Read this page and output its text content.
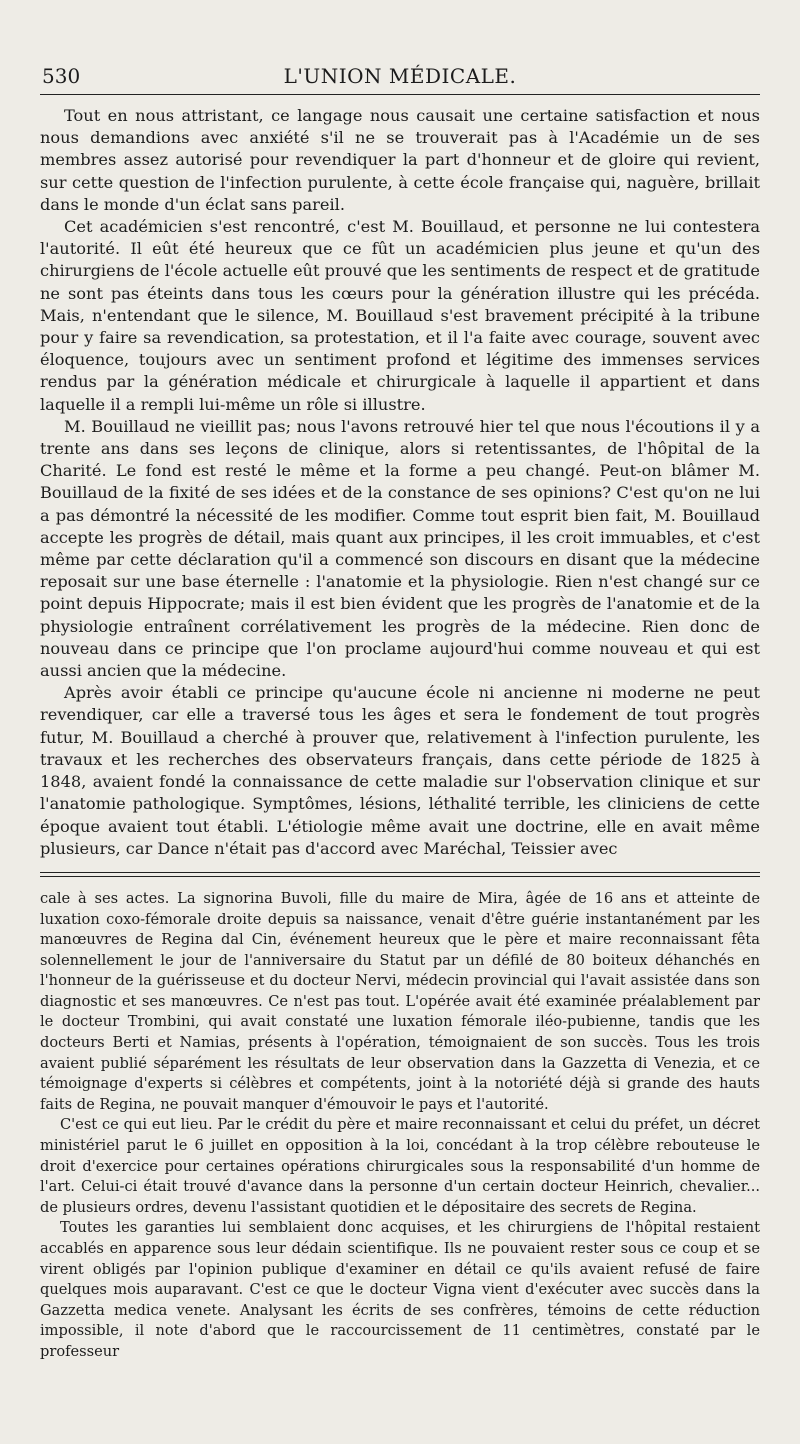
530	L'UNION MÉDICALE.

Tout en nous attristant, ce langage nous causait une certaine satisfaction et nous nous demandions avec anxiété s'il ne se trouverait pas à l'Académie un de ses membres assez autorisé pour revendiquer la part d'honneur et de gloire qui revient, sur cette question de l'infection purulente, à cette école française qui, naguère, brillait dans le monde d'un éclat sans pareil.

Cet académicien s'est rencontré, c'est M. Bouillaud, et personne ne lui contestera l'autorité. Il eût été heureux que ce fût un académicien plus jeune et qu'un des chirurgiens de l'école actuelle eût prouvé que les sentiments de respect et de gratitude ne sont pas éteints dans tous les cœurs pour la génération illustre qui les précéda. Mais, n'entendant que le silence, M. Bouillaud s'est bravement précipité à la tribune pour y faire sa revendication, sa protestation, et il l'a faite avec courage, souvent avec éloquence, toujours avec un sentiment profond et légitime des immenses services rendus par la génération médicale et chirurgicale à laquelle il appartient et dans laquelle il a rempli lui-même un rôle si illustre.

M. Bouillaud ne vieillit pas; nous l'avons retrouvé hier tel que nous l'écoutions il y a trente ans dans ses leçons de clinique, alors si retentissantes, de l'hôpital de la Charité. Le fond est resté le même et la forme a peu changé. Peut-on blâmer M. Bouillaud de la fixité de ses idées et de la constance de ses opinions? C'est qu'on ne lui a pas démontré la nécessité de les modifier. Comme tout esprit bien fait, M. Bouillaud accepte les progrès de détail, mais quant aux principes, il les croit immuables, et c'est même par cette déclaration qu'il a commencé son discours en disant que la médecine reposait sur une base éternelle : l'anatomie et la physiologie. Rien n'est changé sur ce point depuis Hippocrate; mais il est bien évident que les progrès de l'anatomie et de la physiologie entraînent corrélativement les progrès de la médecine. Rien donc de nouveau dans ce principe que l'on proclame aujourd'hui comme nouveau et qui est aussi ancien que la médecine.

Après avoir établi ce principe qu'aucune école ni ancienne ni moderne ne peut revendiquer, car elle a traversé tous les âges et sera le fondement de tout progrès futur, M. Bouillaud a cherché à prouver que, relativement à l'infection purulente, les travaux et les recherches des observateurs français, dans cette période de 1825 à 1848, avaient fondé la connaissance de cette maladie sur l'observation clinique et sur l'anatomie pathologique. Symptômes, lésions, léthalité terrible, les cliniciens de cette époque avaient tout établi. L'étiologie même avait une doctrine, elle en avait même plusieurs, car Dance n'était pas d'accord avec Maréchal, Teissier avec

cale à ses actes. La signorina Buvoli, fille du maire de Mira, âgée de 16 ans et atteinte de luxation coxo-fémorale droite depuis sa naissance, venait d'être guérie instantanément par les manœuvres de Regina dal Cin, événement heureux que le père et maire reconnaissant fêta solennellement le jour de l'anniversaire du Statut par un défilé de 80 boiteux déhanchés en l'honneur de la guérisseuse et du docteur Nervi, médecin provincial qui l'avait assistée dans son diagnostic et ses manœuvres. Ce n'est pas tout. L'opérée avait été examinée préalablement par le docteur Trombini, qui avait constaté une luxation fémorale iléo-pubienne, tandis que les docteurs Berti et Namias, présents à l'opération, témoignaient de son succès. Tous les trois avaient publié séparément les résultats de leur observation dans la Gazzetta di Venezia, et ce témoignage d'experts si célèbres et compétents, joint à la notoriété déjà si grande des hauts faits de Regina, ne pouvait manquer d'émouvoir le pays et l'autorité.

C'est ce qui eut lieu. Par le crédit du père et maire reconnaissant et celui du préfet, un décret ministériel parut le 6 juillet en opposition à la loi, concédant à la trop célèbre rebouteuse le droit d'exercice pour certaines opérations chirurgicales sous la responsabilité d'un homme de l'art. Celui-ci était trouvé d'avance dans la personne d'un certain docteur Heinrich, chevalier... de plusieurs ordres, devenu l'assistant quotidien et le dépositaire des secrets de Regina.

Toutes les garanties lui semblaient donc acquises, et les chirurgiens de l'hôpital restaient accablés en apparence sous leur dédain scientifique. Ils ne pouvaient rester sous ce coup et se virent obligés par l'opinion publique d'examiner en détail ce qu'ils avaient refusé de faire quelques mois auparavant. C'est ce que le docteur Vigna vient d'exécuter avec succès dans la Gazzetta medica venete. Analysant les écrits de ses confrères, témoins de cette réduction impossible, il note d'abord que le raccourcissement de 11 centimètres, constaté par le professeur
